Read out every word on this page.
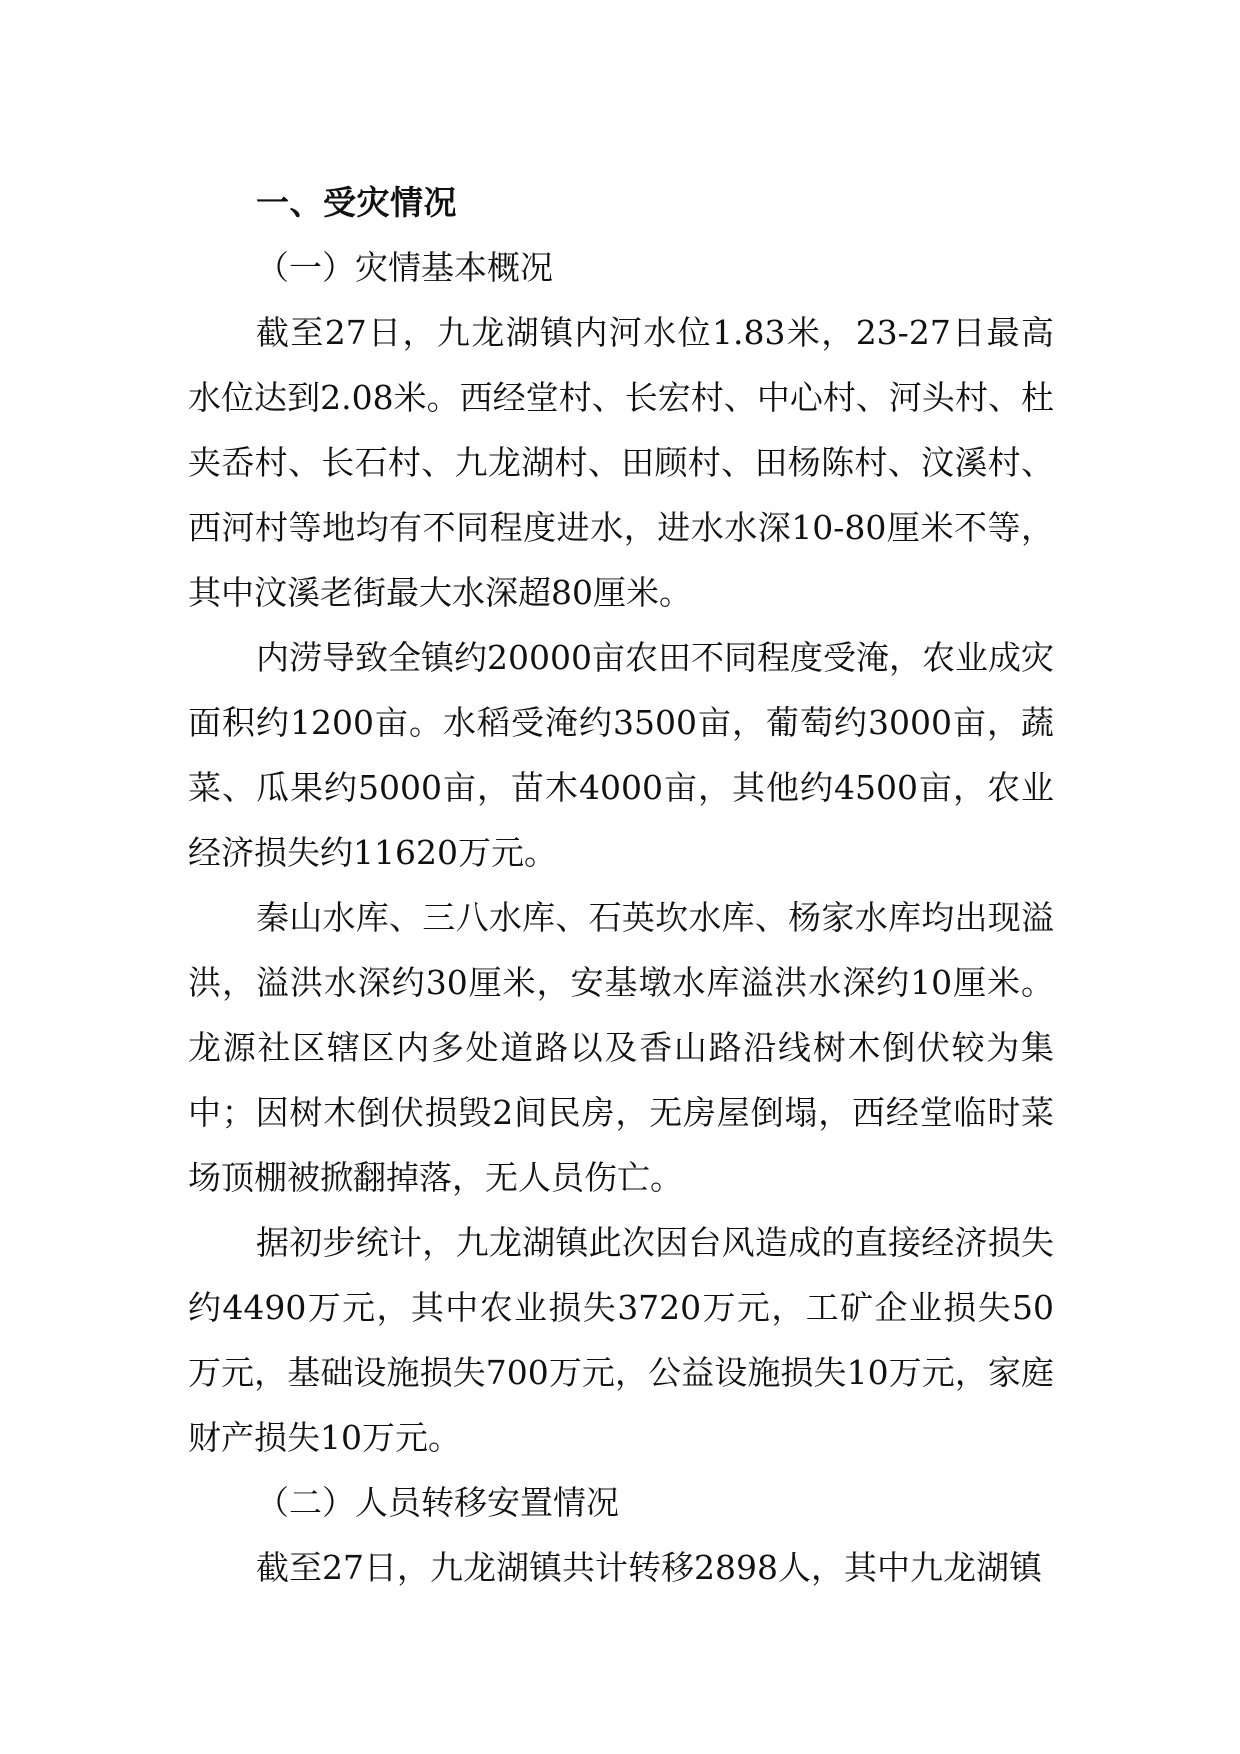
一、受灾情况

（一）灾情基本概况

截至27日，九龙湖镇内河水位1.83米，23-27日最高水位达到2.08米。西经堂村、长宏村、中心村、河头村、杜夹岙村、长石村、九龙湖村、田顾村、田杨陈村、汶溪村、西河村等地均有不同程度进水，进水水深10-80厘米不等，其中汶溪老街最大水深超80厘米。

内涝导致全镇约20000亩农田不同程度受淹，农业成灾面积约1200亩。水稻受淹约3500亩，葡萄约3000亩，蔬菜、瓜果约5000亩，苗木4000亩，其他约4500亩，农业经济损失约11620万元。

秦山水库、三八水库、石英坎水库、杨家水库均出现溢洪，溢洪水深约30厘米，安基墩水库溢洪水深约10厘米。龙源社区辖区内多处道路以及香山路沿线树木倒伏较为集中；因树木倒伏损毁2间民房，无房屋倒塌，西经堂临时菜场顶棚被掀翻掉落，无人员伤亡。

据初步统计，九龙湖镇此次因台风造成的直接经济损失约4490万元，其中农业损失3720万元，工矿企业损失50万元，基础设施损失700万元，公益设施损失10万元，家庭财产损失10万元。

（二）人员转移安置情况

截至27日，九龙湖镇共计转移2898人，其中九龙湖镇
